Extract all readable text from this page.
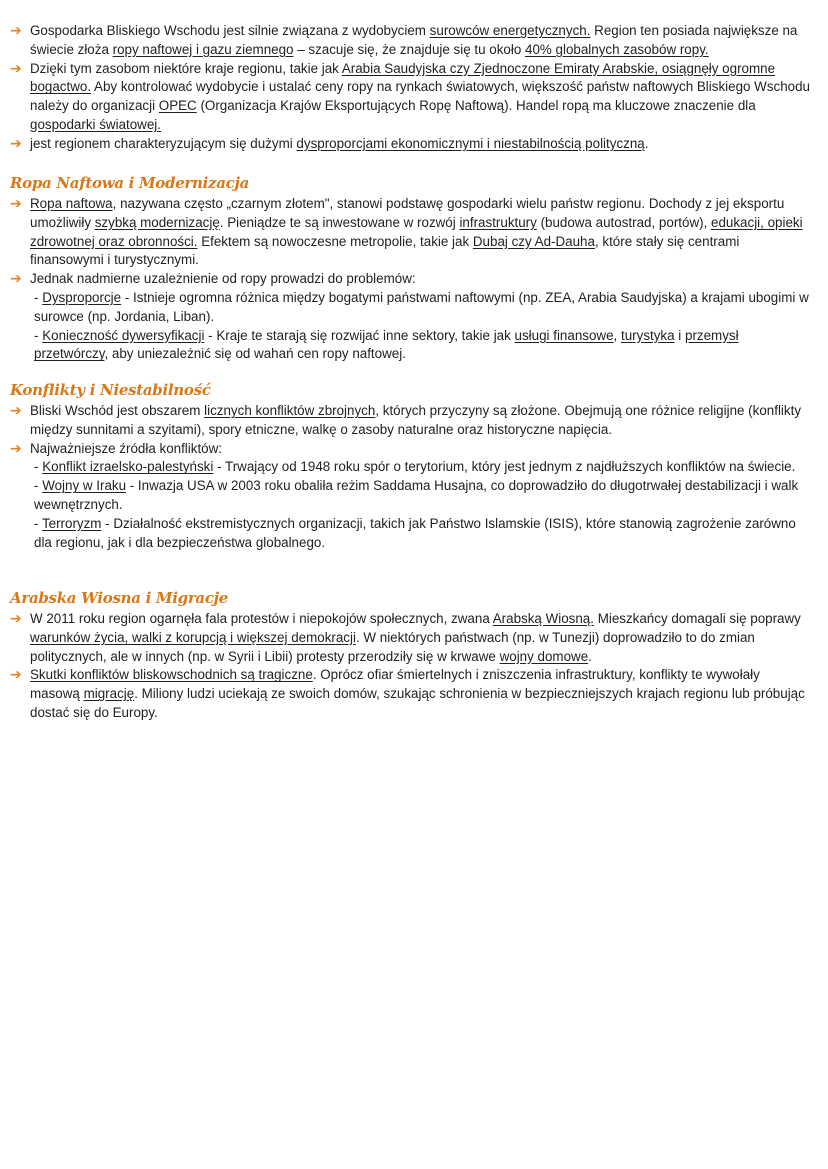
➔ Gospodarka Bliskiego Wschodu jest silnie związana z wydobyciem surowców energetycznych. Region ten posiada największe na świecie złoża ropy naftowej i gazu ziemnego – szacuje się, że znajduje się tu około 40% globalnych zasobów ropy.
➔ Dzięki tym zasobom niektóre kraje regionu, takie jak Arabia Saudyjska czy Zjednoczone Emiraty Arabskie, osiągnęły ogromne bogactwo. Aby kontrolować wydobycie i ustalać ceny ropy na rynkach światowych, większość państw naftowych Bliskiego Wschodu należy do organizacji OPEC (Organizacja Krajów Eksportujących Ropę Naftową). Handel ropą ma kluczowe znaczenie dla gospodarki światowej.
➔ jest regionem charakteryzującym się dużymi dysproporcjami ekonomicznymi i niestabilnością polityczną.
Ropa Naftowa i Modernizacja
➔ Ropa naftowa, nazywana często „czarnym złotem", stanowi podstawę gospodarki wielu państw regionu. Dochody z jej eksportu umożliwiły szybką modernizację. Pieniądze te są inwestowane w rozwój infrastruktury (budowa autostrad, portów), edukacji, opieki zdrowotnej oraz obronności. Efektem są nowoczesne metropolie, takie jak Dubaj czy Ad-Dauha, które stały się centrami finansowymi i turystycznymi.
➔ Jednak nadmierne uzależnienie od ropy prowadzi do problemów:
- Dysproporcje - Istnieje ogromna różnica między bogatymi państwami naftowymi (np. ZEA, Arabia Saudyjska) a krajami ubogimi w surowce (np. Jordania, Liban).
- Konieczność dywersyfikacji - Kraje te starają się rozwijać inne sektory, takie jak usługi finansowe, turystyka i przemysł przetwórczy, aby uniezależnić się od wahań cen ropy naftowej.
Konflikty i Niestabilność
➔ Bliski Wschód jest obszarem licznych konfliktów zbrojnych, których przyczyny są złożone. Obejmują one różnice religijne (konflikty między sunnitami a szyitami), spory etniczne, walkę o zasoby naturalne oraz historyczne napięcia.
➔ Najważniejsze źródła konfliktów:
- Konflikt izraelsko-palestyński - Trwający od 1948 roku spór o terytorium, który jest jednym z najdłuższych konfliktów na świecie.
- Wojny w Iraku - Inwazja USA w 2003 roku obaliła reżim Saddama Husajna, co doprowadziło do długotrwałej destabilizacji i walk wewnętrznych.
- Terroryzm - Działalność ekstremistycznych organizacji, takich jak Państwo Islamskie (ISIS), które stanowią zagrożenie zarówno dla regionu, jak i dla bezpieczeństwa globalnego.
Arabska Wiosna i Migracje
➔ W 2011 roku region ogarnęła fala protestów i niepokojów społecznych, zwana Arabską Wiosną. Mieszkańcy domagali się poprawy warunków życia, walki z korupcją i większej demokracji. W niektórych państwach (np. w Tunezji) doprowadziło to do zmian politycznych, ale w innych (np. w Syrii i Libii) protesty przerodziły się w krwawe wojny domowe.
➔ Skutki konfliktów bliskowschodnich są tragiczne. Oprócz ofiar śmiertelnych i zniszczenia infrastruktury, konflikty te wywołały masową migrację. Miliony ludzi uciekają ze swoich domów, szukając schronienia w bezpieczniejszych krajach regionu lub próbując dostać się do Europy.
